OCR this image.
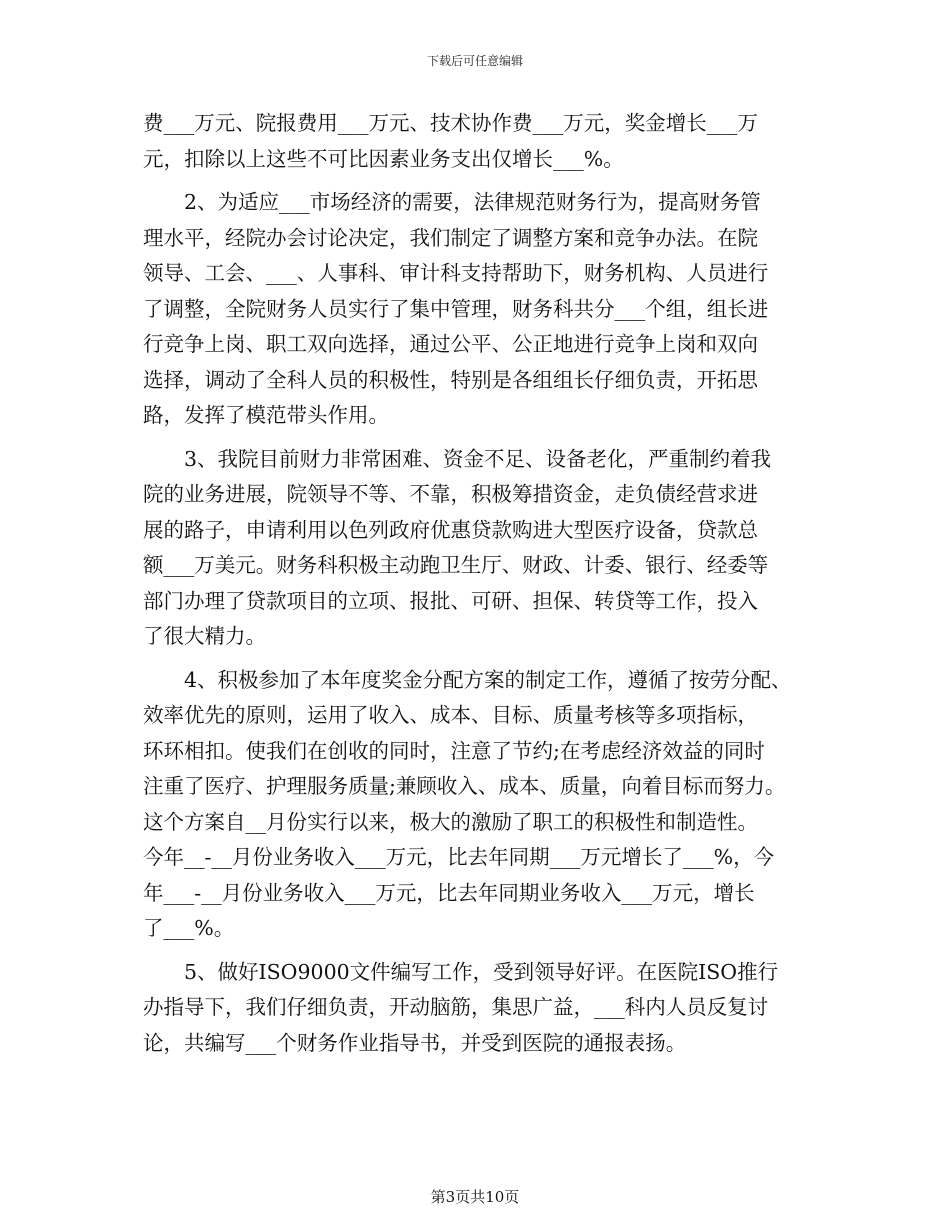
下载后可任意编辑
费___万元、院报费用___万元、技术协作费___万元，奖金增长___万
元，扣除以上这些不可比因素业务支出仅增长___%。
　　2、为适应___市场经济的需要，法律规范财务行为，提高财务管
理水平，经院办会讨论决定，我们制定了调整方案和竞争办法。在院
领导、工会、___、人事科、审计科支持帮助下，财务机构、人员进行
了调整，全院财务人员实行了集中管理，财务科共分___个组，组长进
行竞争上岗、职工双向选择，通过公平、公正地进行竞争上岗和双向
选择，调动了全科人员的积极性，特别是各组组长仔细负责，开拓思
路，发挥了模范带头作用。
　　3、我院目前财力非常困难、资金不足、设备老化，严重制约着我
院的业务进展，院领导不等、不靠，积极筹措资金，走负债经营求进
展的路子，申请利用以色列政府优惠贷款购进大型医疗设备，贷款总
额___万美元。财务科积极主动跑卫生厅、财政、计委、银行、经委等
部门办理了贷款项目的立项、报批、可研、担保、转贷等工作，投入
了很大精力。
　　4、积极参加了本年度奖金分配方案的制定工作，遵循了按劳分配、
效率优先的原则，运用了收入、成本、目标、质量考核等多项指标，
环环相扣。使我们在创收的同时，注意了节约;在考虑经济效益的同时
注重了医疗、护理服务质量;兼顾收入、成本、质量，向着目标而努力。
这个方案自__月份实行以来，极大的激励了职工的积极性和制造性。
今年__-__月份业务收入___万元，比去年同期___万元增长了___%，今
年___-__月份业务收入___万元，比去年同期业务收入___万元，增长
了___%。
　　5、做好ISO9000文件编写工作，受到领导好评。在医院ISO推行
办指导下，我们仔细负责，开动脑筋，集思广益，___科内人员反复讨
论，共编写___个财务作业指导书，并受到医院的通报表扬。
第3页共10页
